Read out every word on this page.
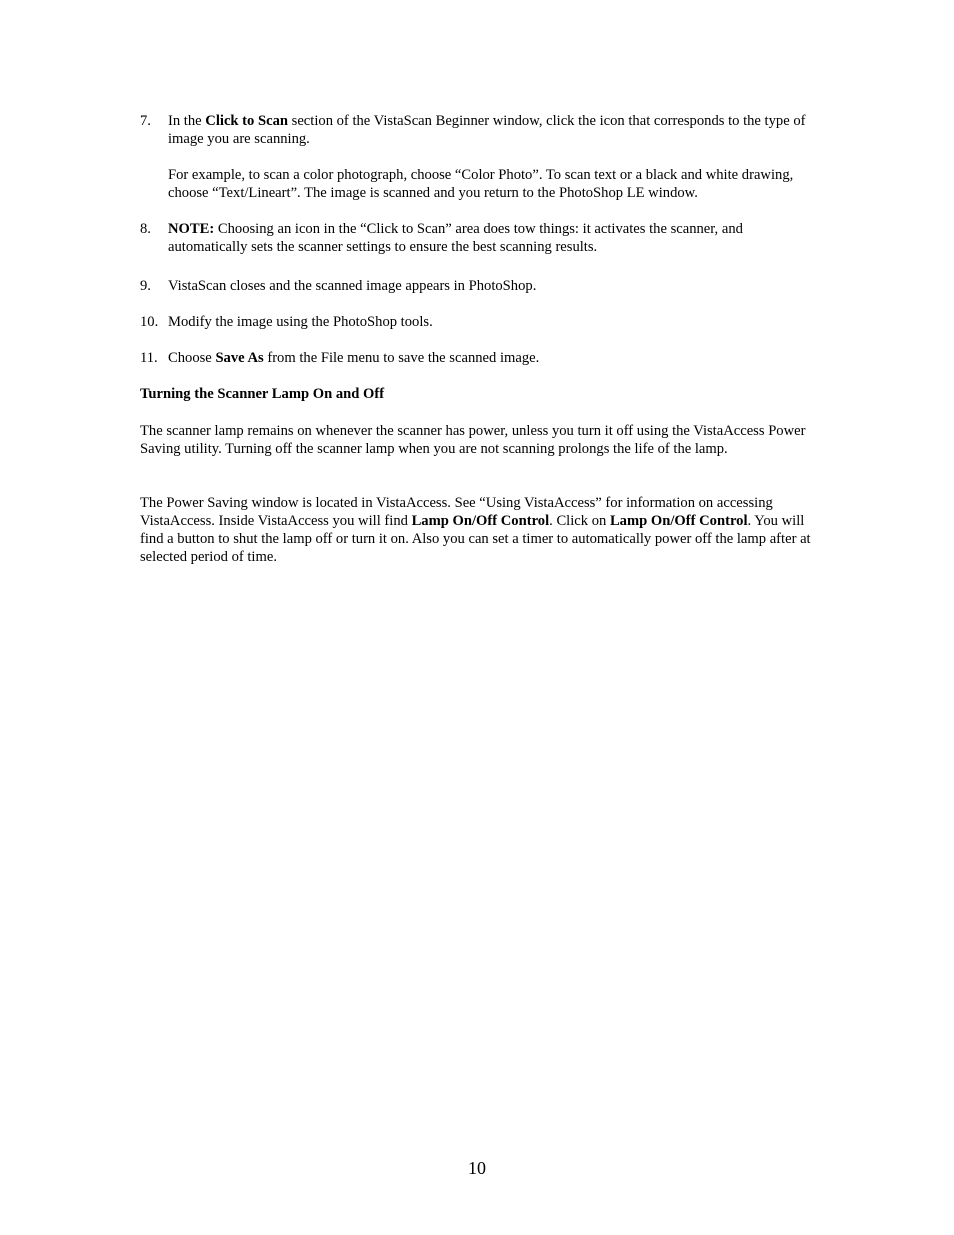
7.	In the Click to Scan section of the VistaScan Beginner window, click the icon that corresponds to the type of image you are scanning.

For example, to scan a color photograph, choose “Color Photo”. To scan text or a black and white drawing, choose “Text/Lineart”. The image is scanned and you return to the PhotoShop LE window.

8.	NOTE: Choosing an icon in the “Click to Scan” area does tow things: it activates the scanner, and automatically sets the scanner settings to ensure the best scanning results.

9.	VistaScan closes and the scanned image appears in PhotoShop.

10. Modify the image using the PhotoShop tools.

11. Choose Save As from the File menu to save the scanned image.

Turning the Scanner Lamp On and Off

The scanner lamp remains on whenever the scanner has power, unless you turn it off using the VistaAccess Power Saving utility. Turning off the scanner lamp when you are not scanning prolongs the life of the lamp.

The Power Saving window is located in VistaAccess. See “Using VistaAccess” for information on accessing VistaAccess. Inside VistaAccess you will find Lamp On/Off Control. Click on Lamp On/Off Control. You will find a button to shut the lamp off or turn it on. Also you can set a timer to automatically power off the lamp after at selected period of time.

10
